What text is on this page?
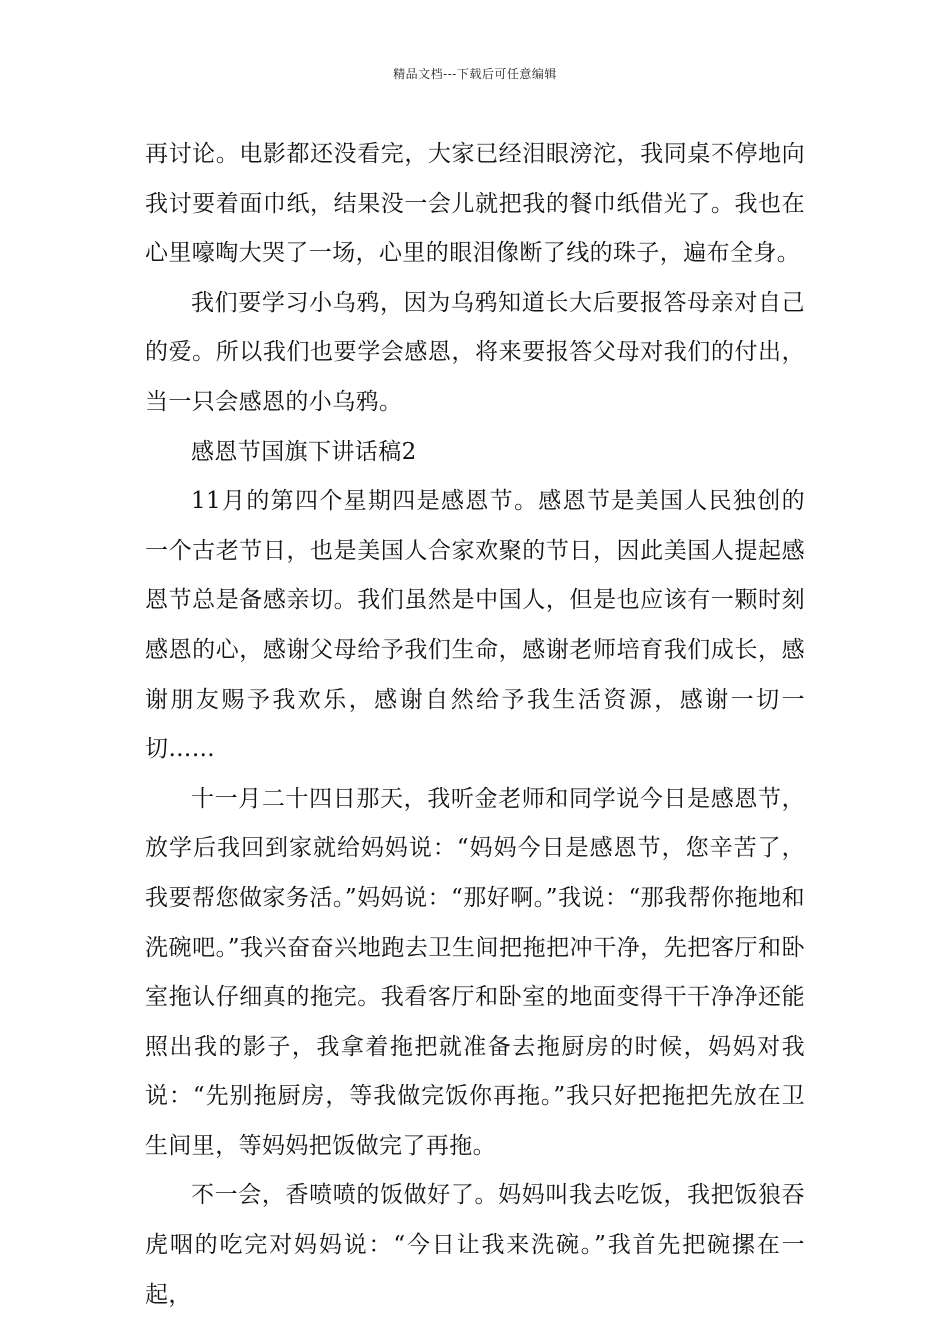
精品文档---下载后可任意编辑

再讨论。电影都还没看完，大家已经泪眼滂沱，我同桌不停地向我讨要着面巾纸，结果没一会儿就把我的餐巾纸借光了。我也在心里嚎啕大哭了一场，心里的眼泪像断了线的珠子，遍布全身。

我们要学习小乌鸦，因为乌鸦知道长大后要报答母亲对自己的爱。所以我们也要学会感恩，将来要报答父母对我们的付出，当一只会感恩的小乌鸦。

感恩节国旗下讲话稿2

11月的第四个星期四是感恩节。感恩节是美国人民独创的一个古老节日，也是美国人合家欢聚的节日，因此美国人提起感恩节总是备感亲切。我们虽然是中国人，但是也应该有一颗时刻感恩的心，感谢父母给予我们生命，感谢老师培育我们成长，感谢朋友赐予我欢乐，感谢自然给予我生活资源，感谢一切一切……

十一月二十四日那天，我听金老师和同学说今日是感恩节，放学后我回到家就给妈妈说：“妈妈今日是感恩节，您辛苦了，我要帮您做家务活。”妈妈说：“那好啊。”我说：“那我帮你拖地和洗碗吧。”我兴奋奋兴地跑去卫生间把拖把冲干净，先把客厅和卧室拖认仔细真的拖完。我看客厅和卧室的地面变得干干净净还能照出我的影子，我拿着拖把就准备去拖厨房的时候，妈妈对我说：“先别拖厨房，等我做完饭你再拖。”我只好把拖把先放在卫生间里，等妈妈把饭做完了再拖。

不一会，香喷喷的饭做好了。妈妈叫我去吃饭，我把饭狼吞虎咽的吃完对妈妈说：“今日让我来洗碗。”我首先把碗摞在一起，
